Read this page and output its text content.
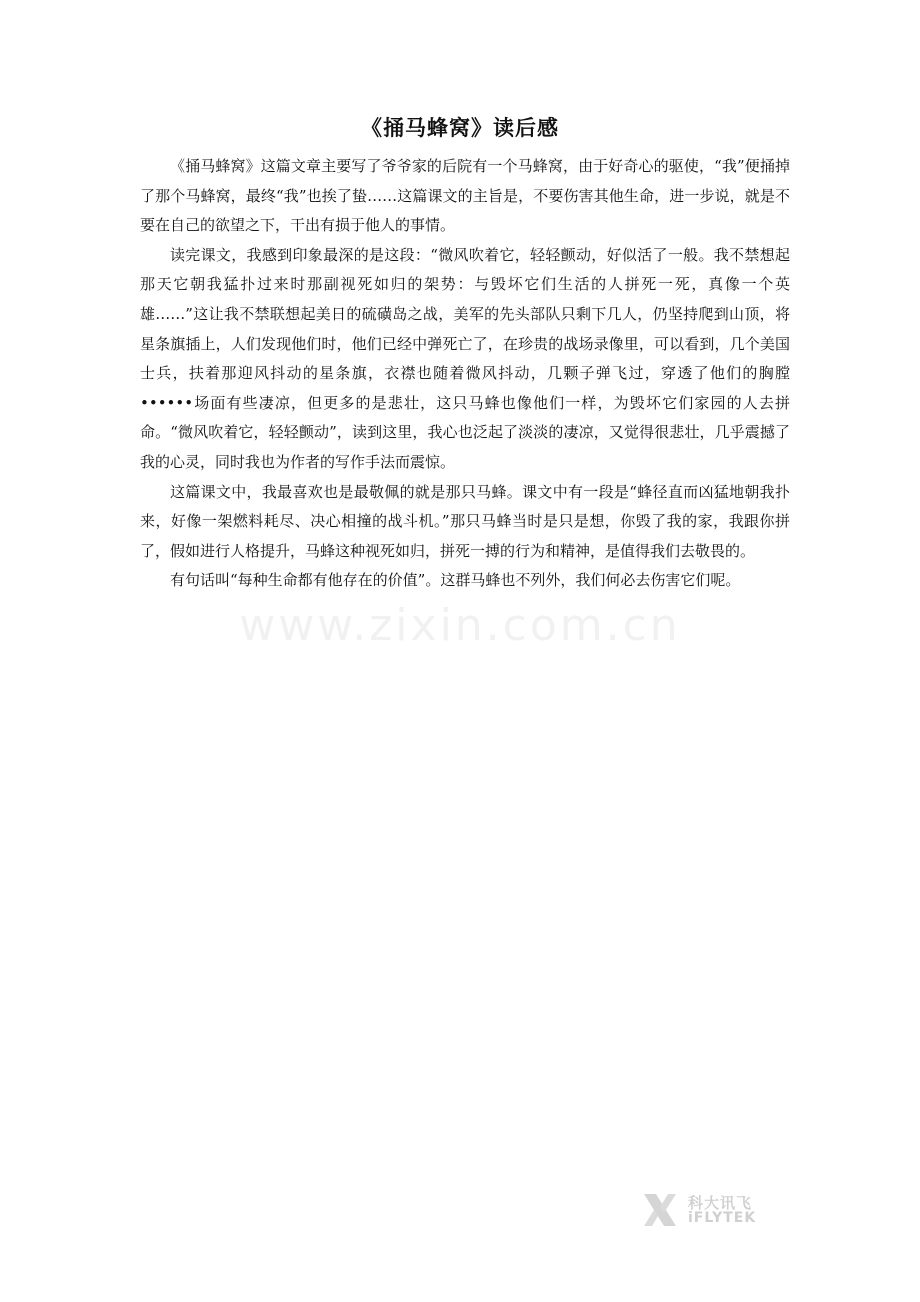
《捅马蜂窝》读后感

《捅马蜂窝》这篇文章主要写了爷爷家的后院有一个马蜂窝，由于好奇心的驱使，“我”便捅掉了那个马蜂窝，最终“我”也挨了蛰……这篇课文的主旨是，不要伤害其他生命，进一步说，就是不要在自己的欲望之下，干出有损于他人的事情。

读完课文，我感到印象最深的是这段：“微风吹着它，轻轻颤动，好似活了一般。我不禁想起那天它朝我猛扑过来时那副视死如归的架势：与毁坏它们生活的人拼死一死，真像一个英雄……”这让我不禁联想起美日的硫磺岛之战，美军的先头部队只剩下几人，仍坚持爬到山顶，将星条旗插上，人们发现他们时，他们已经中弹死亡了，在珍贵的战场录像里，可以看到，几个美国士兵，扶着那迎风抖动的星条旗，衣襟也随着微风抖动，几颗子弹飞过，穿透了他们的胸膛••••••场面有些凄凉，但更多的是悲壮，这只马蜂也像他们一样，为毁坏它们家园的人去拼命。“微风吹着它，轻轻颤动”，读到这里，我心也泛起了淡淡的凄凉，又觉得很悲壮，几乎震撼了我的心灵，同时我也为作者的写作手法而震惊。

这篇课文中，我最喜欢也是最敬佩的就是那只马蜂。课文中有一段是“蜂径直而凶猛地朝我扑来，好像一架燃料耗尽、决心相撞的战斗机。”那只马蜂当时是只是想，你毁了我的家，我跟你拼了，假如进行人格提升，马蜂这种视死如归，拼死一搏的行为和精神，是值得我们去敬畏的。

有句话叫“每种生命都有他存在的价值”。这群马蜂也不列外，我们何必去伤害它们呢。

www.zixin.com.cn
科大讯飞
iFLYTEK
